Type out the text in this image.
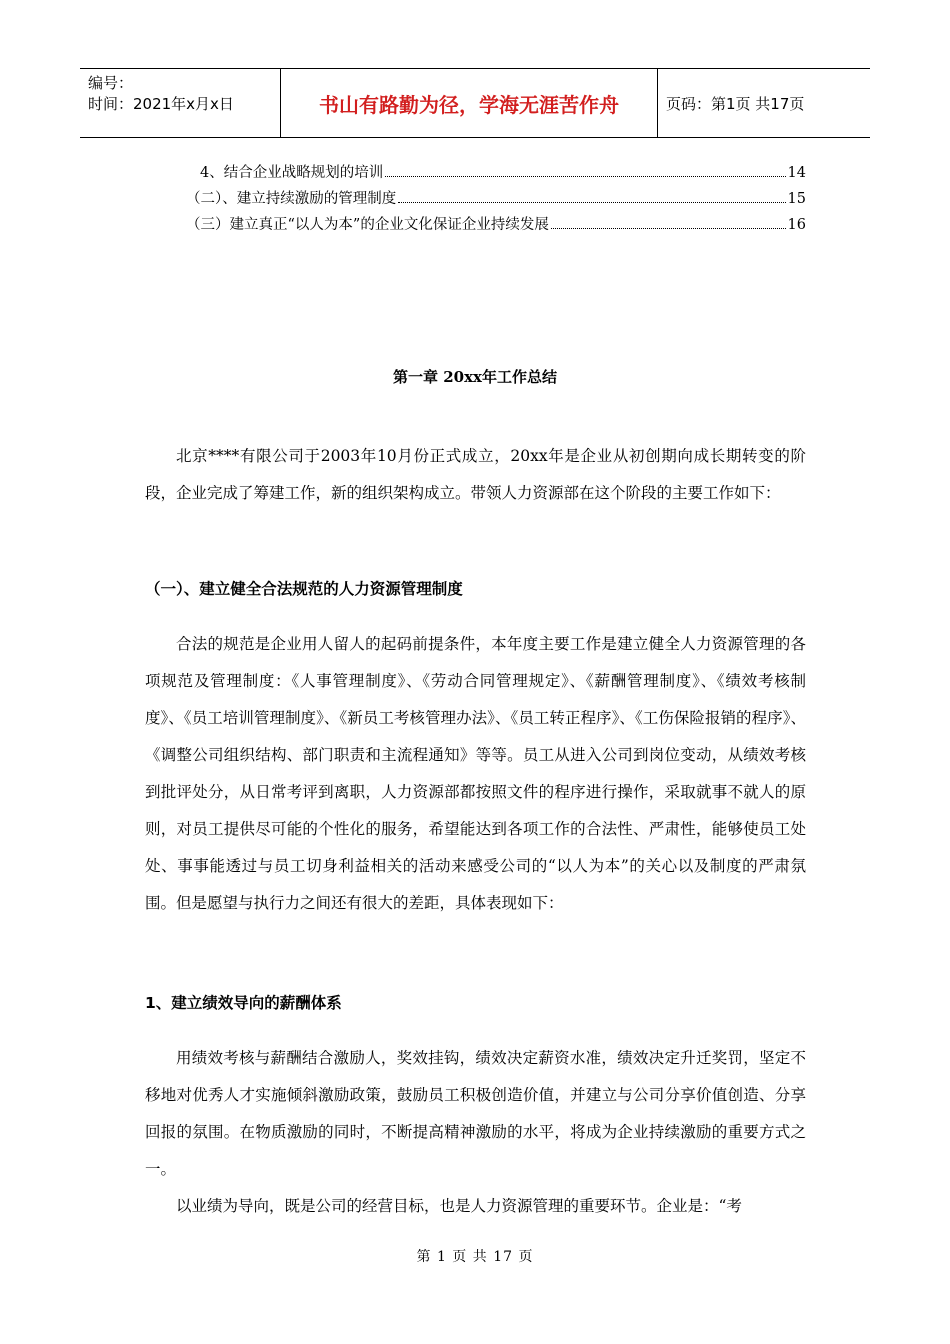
编号：
时间：2021年x月x日	书山有路勤为径，学海无涯苦作舟	页码：第1页 共17页
4、结合企业战略规划的培训	14
（二）、建立持续激励的管理制度	15
（三）建立真正“以人为本”的企业文化保证企业持续发展	16
第一章 20xx年工作总结

北京****有限公司于2003年10月份正式成立，20xx年是企业从初创期向成长期转变的阶段，企业完成了筹建工作，新的组织架构成立。带领人力资源部在这个阶段的主要工作如下：

（一）、建立健全合法规范的人力资源管理制度

合法的规范是企业用人留人的起码前提条件，本年度主要工作是建立健全人力资源管理的各项规范及管理制度：《人事管理制度》、《劳动合同管理规定》、《薪酬管理制度》、《绩效考核制度》、《员工培训管理制度》、《新员工考核管理办法》、《员工转正程序》、《工伤保险报销的程序》、《调整公司组织结构、部门职责和主流程通知》等等。员工从进入公司到岗位变动，从绩效考核到批评处分，从日常考评到离职，人力资源部都按照文件的程序进行操作，采取就事不就人的原则，对员工提供尽可能的个性化的服务，希望能达到各项工作的合法性、严肃性，能够使员工处处、事事能透过与员工切身利益相关的活动来感受公司的“以人为本”的关心以及制度的严肃氛围。但是愿望与执行力之间还有很大的差距，具体表现如下：

1、建立绩效导向的薪酬体系

用绩效考核与薪酬结合激励人，奖效挂钩，绩效决定薪资水准，绩效决定升迁奖罚，坚定不移地对优秀人才实施倾斜激励政策，鼓励员工积极创造价值，并建立与公司分享价值创造、分享回报的氛围。在物质激励的同时，不断提高精神激励的水平，将成为企业持续激励的重要方式之一。

以业绩为导向，既是公司的经营目标，也是人力资源管理的重要环节。企业是：“考

第 1 页 共 17 页
